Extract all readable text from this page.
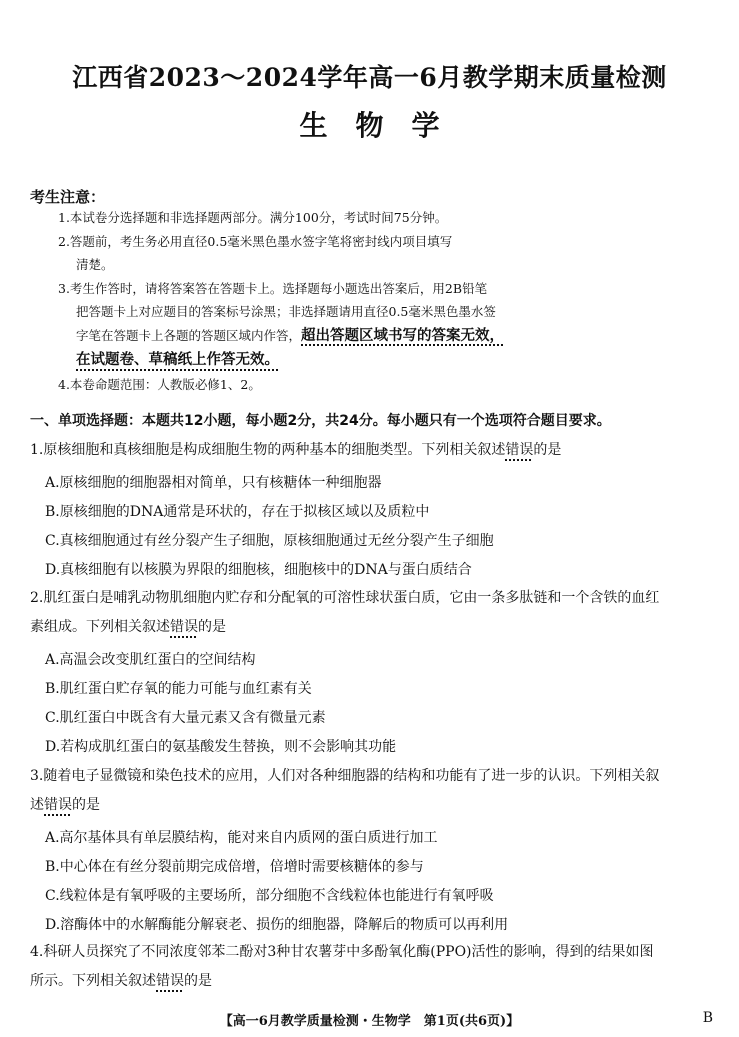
江西省2023～2024学年高一6月教学期末质量检测
生物学
考生注意：

1.本试卷分选择题和非选择题两部分。满分100分，考试时间75分钟。

2.答题前，考生务必用直径0.5毫米黑色墨水签字笔将密封线内项目填写

清楚。

3.考生作答时，请将答案答在答题卡上。选择题每小题选出答案后，用2B铅笔

把答题卡上对应题目的答案标号涂黑；非选择题请用直径0.5毫米黑色墨水签

字笔在答题卡上各题的答题区域内作答，超出答题区域书写的答案无效，

在试题卷、草稿纸上作答无效。

4.本卷命题范围：人教版必修1、2。

一、单项选择题：本题共12小题，每小题2分，共24分。每小题只有一个选项符合题目要求。

1.原核细胞和真核细胞是构成细胞生物的两种基本的细胞类型。下列相关叙述错误的是

A.原核细胞的细胞器相对简单，只有核糖体一种细胞器

B.原核细胞的DNA通常是环状的，存在于拟核区域以及质粒中

C.真核细胞通过有丝分裂产生子细胞，原核细胞通过无丝分裂产生子细胞

D.真核细胞有以核膜为界限的细胞核，细胞核中的DNA与蛋白质结合

2.肌红蛋白是哺乳动物肌细胞内贮存和分配氧的可溶性球状蛋白质，它由一条多肽链和一个含铁的血红

素组成。下列相关叙述错误的是

A.高温会改变肌红蛋白的空间结构

B.肌红蛋白贮存氧的能力可能与血红素有关

C.肌红蛋白中既含有大量元素又含有微量元素

D.若构成肌红蛋白的氨基酸发生替换，则不会影响其功能

3.随着电子显微镜和染色技术的应用，人们对各种细胞器的结构和功能有了进一步的认识。下列相关叙

述错误的是

A.高尔基体具有单层膜结构，能对来自内质网的蛋白质进行加工

B.中心体在有丝分裂前期完成倍增，倍增时需要核糖体的参与

C.线粒体是有氧呼吸的主要场所，部分细胞不含线粒体也能进行有氧呼吸

D.溶酶体中的水解酶能分解衰老、损伤的细胞器，降解后的物质可以再利用

4.科研人员探究了不同浓度邻苯二酚对3种甘农薯芽中多酚氧化酶(PPO)活性的影响，得到的结果如图

所示。下列相关叙述错误的是

【高一6月教学质量检测・生物学　第1页(共6页)】	B
